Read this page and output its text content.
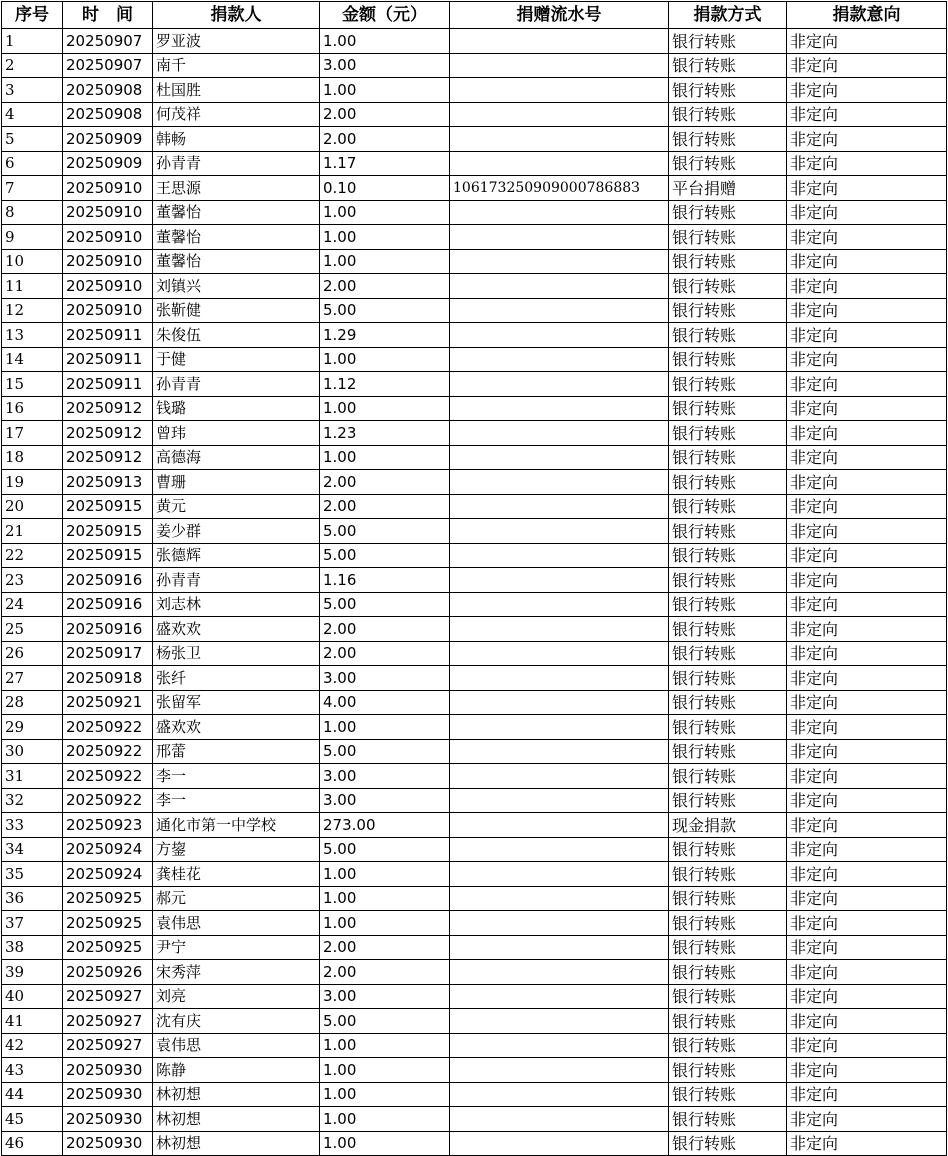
序号	时　间	捐款人	金额（元）	捐赠流水号	捐款方式	捐款意向
1	20250907	罗亚波	1.00		银行转账	非定向
2	20250907	南千	3.00		银行转账	非定向
3	20250908	杜国胜	1.00		银行转账	非定向
4	20250908	何茂祥	2.00		银行转账	非定向
5	20250909	韩畅	2.00		银行转账	非定向
6	20250909	孙青青	1.17		银行转账	非定向
7	20250910	王思源	0.10	10617325090900078688З	平台捐赠	非定向
8	20250910	董馨怡	1.00		银行转账	非定向
9	20250910	董馨怡	1.00		银行转账	非定向
10	20250910	董馨怡	1.00		银行转账	非定向
11	20250910	刘镇兴	2.00		银行转账	非定向
12	20250910	张靳健	5.00		银行转账	非定向
13	20250911	朱俊伍	1.29		银行转账	非定向
14	20250911	于健	1.00		银行转账	非定向
15	20250911	孙青青	1.12		银行转账	非定向
16	20250912	钱璐	1.00		银行转账	非定向
17	20250912	曾玮	1.23		银行转账	非定向
18	20250912	高德海	1.00		银行转账	非定向
19	20250913	曹珊	2.00		银行转账	非定向
20	20250915	黄元	2.00		银行转账	非定向
21	20250915	姜少群	5.00		银行转账	非定向
22	20250915	张德辉	5.00		银行转账	非定向
23	20250916	孙青青	1.16		银行转账	非定向
24	20250916	刘志林	5.00		银行转账	非定向
25	20250916	盛欢欢	2.00		银行转账	非定向
26	20250917	杨张卫	2.00		银行转账	非定向
27	20250918	张纤	3.00		银行转账	非定向
28	20250921	张留军	4.00		银行转账	非定向
29	20250922	盛欢欢	1.00		银行转账	非定向
30	20250922	邢蕾	5.00		银行转账	非定向
31	20250922	李一	3.00		银行转账	非定向
32	20250922	李一	3.00		银行转账	非定向
33	20250923	通化市第一中学校	273.00		现金捐款	非定向
34	20250924	方鋆	5.00		银行转账	非定向
35	20250924	龚桂花	1.00		银行转账	非定向
36	20250925	郝元	1.00		银行转账	非定向
37	20250925	袁伟思	1.00		银行转账	非定向
38	20250925	尹宁	2.00		银行转账	非定向
39	20250926	宋秀萍	2.00		银行转账	非定向
40	20250927	刘亮	3.00		银行转账	非定向
41	20250927	沈有庆	5.00		银行转账	非定向
42	20250927	袁伟思	1.00		银行转账	非定向
43	20250930	陈静	1.00		银行转账	非定向
44	20250930	林初想	1.00		银行转账	非定向
45	20250930	林初想	1.00		银行转账	非定向
46	20250930	林初想	1.00		银行转账	非定向
